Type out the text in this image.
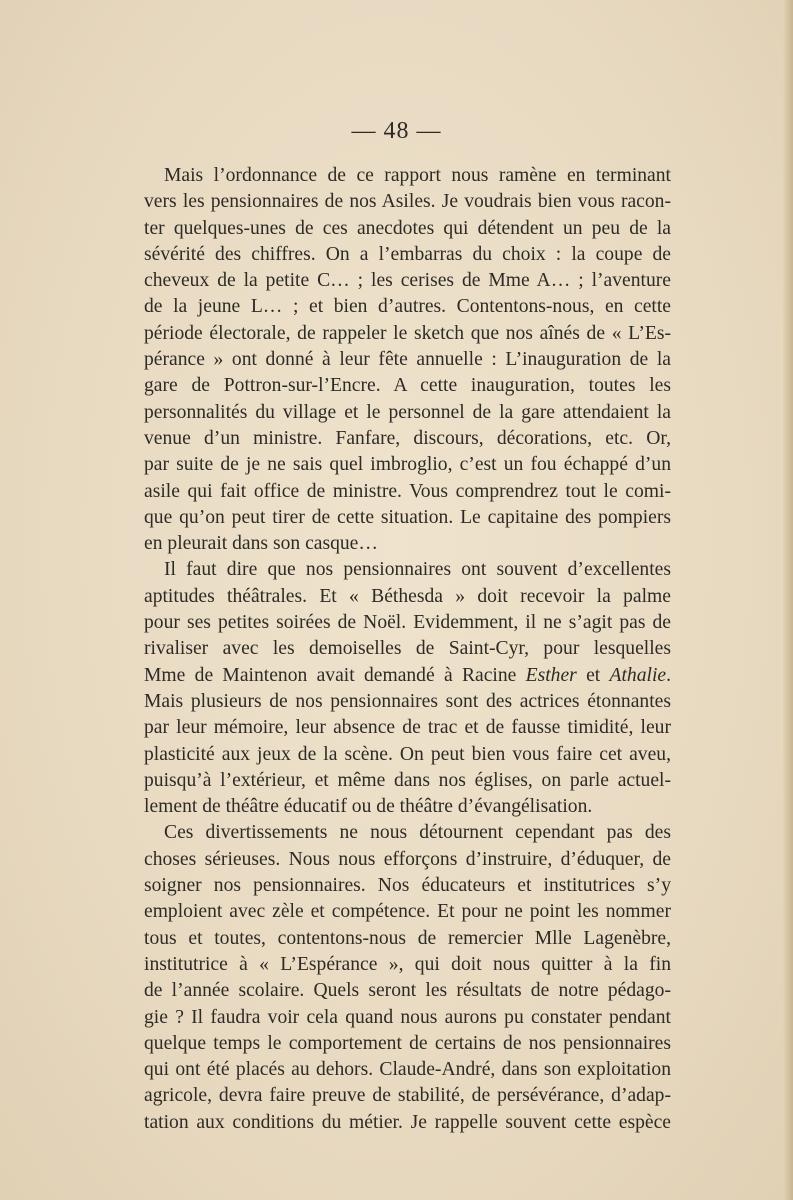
— 48 —
Mais l’ordonnance de ce rapport nous ramène en terminant
vers les pensionnaires de nos Asiles. Je voudrais bien vous racon-
ter quelques-unes de ces anecdotes qui détendent un peu de la
sévérité des chiffres. On a l’embarras du choix : la coupe de
cheveux de la petite C… ; les cerises de Mme A… ; l’aventure
de la jeune L… ; et bien d’autres. Contentons-nous, en cette
période électorale, de rappeler le sketch que nos aînés de « L’Es-
pérance » ont donné à leur fête annuelle : L’inauguration de la
gare de Pottron-sur-l’Encre. A cette inauguration, toutes les
personnalités du village et le personnel de la gare attendaient la
venue d’un ministre. Fanfare, discours, décorations, etc. Or,
par suite de je ne sais quel imbroglio, c’est un fou échappé d’un
asile qui fait office de ministre. Vous comprendrez tout le comi-
que qu’on peut tirer de cette situation. Le capitaine des pompiers
en pleurait dans son casque…
Il faut dire que nos pensionnaires ont souvent d’excellentes
aptitudes théâtrales. Et « Béthesda » doit recevoir la palme
pour ses petites soirées de Noël. Evidemment, il ne s’agit pas de
rivaliser avec les demoiselles de Saint-Cyr, pour lesquelles
Mme de Maintenon avait demandé à Racine Esther et Athalie.
Mais plusieurs de nos pensionnaires sont des actrices étonnantes
par leur mémoire, leur absence de trac et de fausse timidité, leur
plasticité aux jeux de la scène. On peut bien vous faire cet aveu,
puisqu’à l’extérieur, et même dans nos églises, on parle actuel-
lement de théâtre éducatif ou de théâtre d’évangélisation.
Ces divertissements ne nous détournent cependant pas des
choses sérieuses. Nous nous efforçons d’instruire, d’éduquer, de
soigner nos pensionnaires. Nos éducateurs et institutrices s’y
emploient avec zèle et compétence. Et pour ne point les nommer
tous et toutes, contentons-nous de remercier Mlle Lagenèbre,
institutrice à « L’Espérance », qui doit nous quitter à la fin
de l’année scolaire. Quels seront les résultats de notre pédago-
gie ? Il faudra voir cela quand nous aurons pu constater pendant
quelque temps le comportement de certains de nos pensionnaires
qui ont été placés au dehors. Claude-André, dans son exploitation
agricole, devra faire preuve de stabilité, de persévérance, d’adap-
tation aux conditions du métier. Je rappelle souvent cette espèce
